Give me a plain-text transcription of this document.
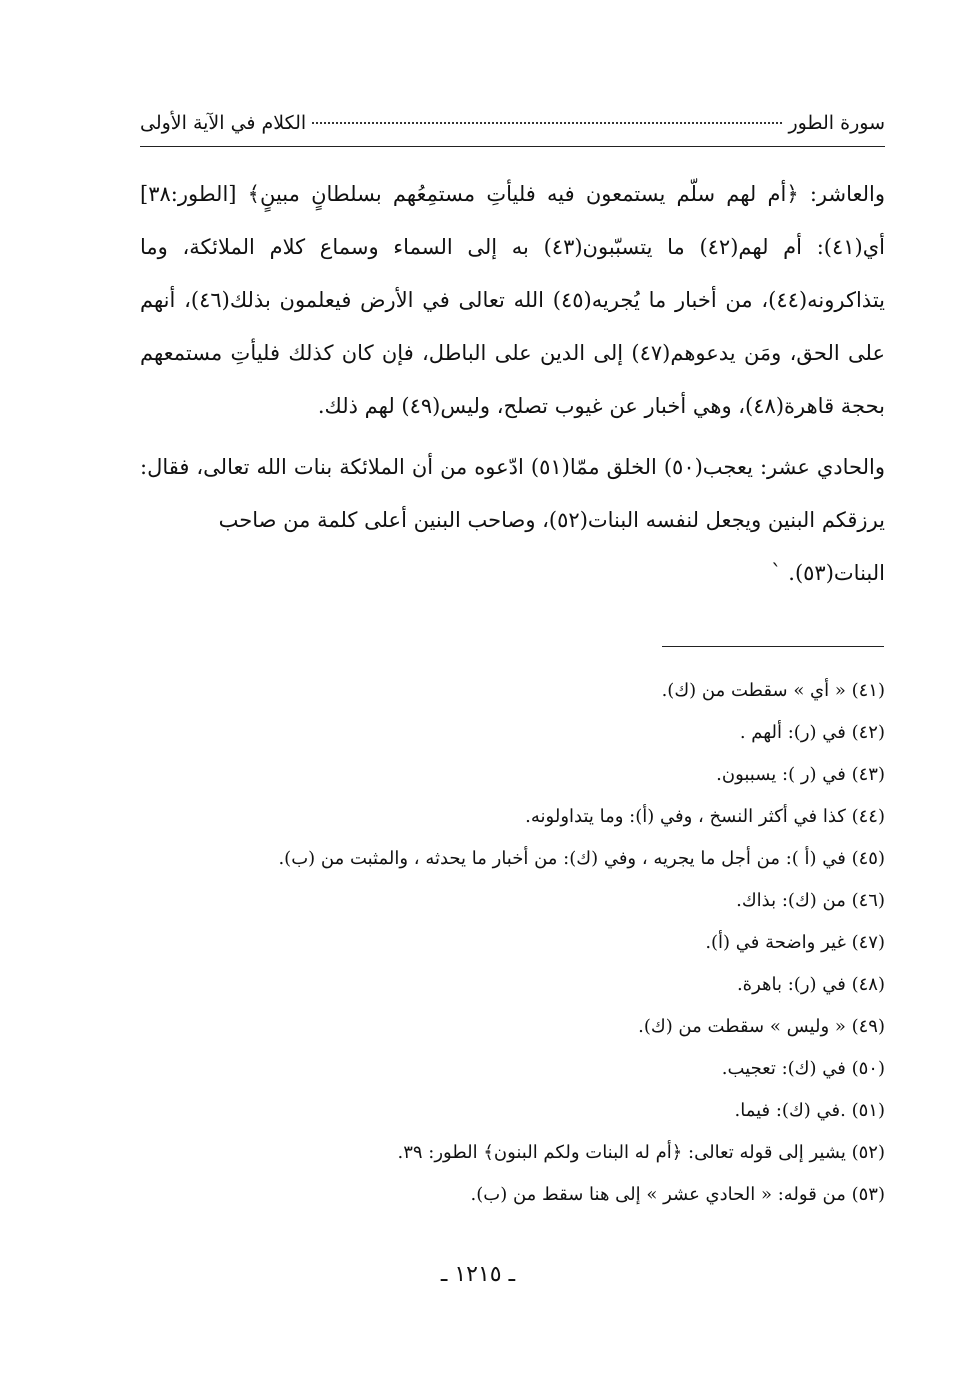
سورة الطور
الكلام في الآية الأولى

والعاشر: ﴿أم لهم سلّم يستمعون فيه فليأتِ مستمِعُهم بسلطانٍ مبينٍ﴾ [الطور:٣٨] أي(٤١): أم لهم(٤٢) ما يتسبّبون(٤٣) به إلى السماء وسماع كلام الملائكة، وما يتذاكرونه(٤٤)، من أخبار ما يُجريه(٤٥) الله تعالى في الأرض فيعلمون بذلك(٤٦)، أنهم على الحق، ومَن يدعوهم(٤٧) إلى الدين على الباطل، فإن كان كذلك فليأتِ مستمعهم بحجة قاهرة(٤٨)، وهي أخبار عن غيوب تصلح، وليس(٤٩) لهم ذلك.

والحادي عشر: يعجب(٥٠) الخلق ممّا(٥١) ادّعوه من أن الملائكة بنات الله تعالى، فقال: يرزقكم البنين ويجعل لنفسه البنات(٥٢)، وصاحب البنين أعلى كلمة من صاحب

البنات(٥٣). `

(٤١) « أي » سقطت من (ك).
(٤٢) في (ر): ألهم .
(٤٣) في (ر ): يسببون.
(٤٤) كذا في أكثر النسخ ، وفي (أ): وما يتداولونه.
(٤٥) في (أ ): من أجل ما يجريه ، وفي (ك): من أخبار ما يحدثه ، والمثبت من (ب).
(٤٦) من (ك): بذاك.
(٤٧) غير واضحة في (أ).
(٤٨) في (ر): باهرة.
(٤٩) « وليس » سقطت من (ك).
(٥٠) في (ك): تعجيب.
(٥١) .في (ك): فيما.
(٥٢) يشير إلى قوله تعالى: ﴿أم له البنات ولكم البنون﴾ الطور: ٣٩.
(٥٣) من قوله: « الحادي عشر » إلى هنا سقط من (ب).
ـ ١٢١٥ ـ
